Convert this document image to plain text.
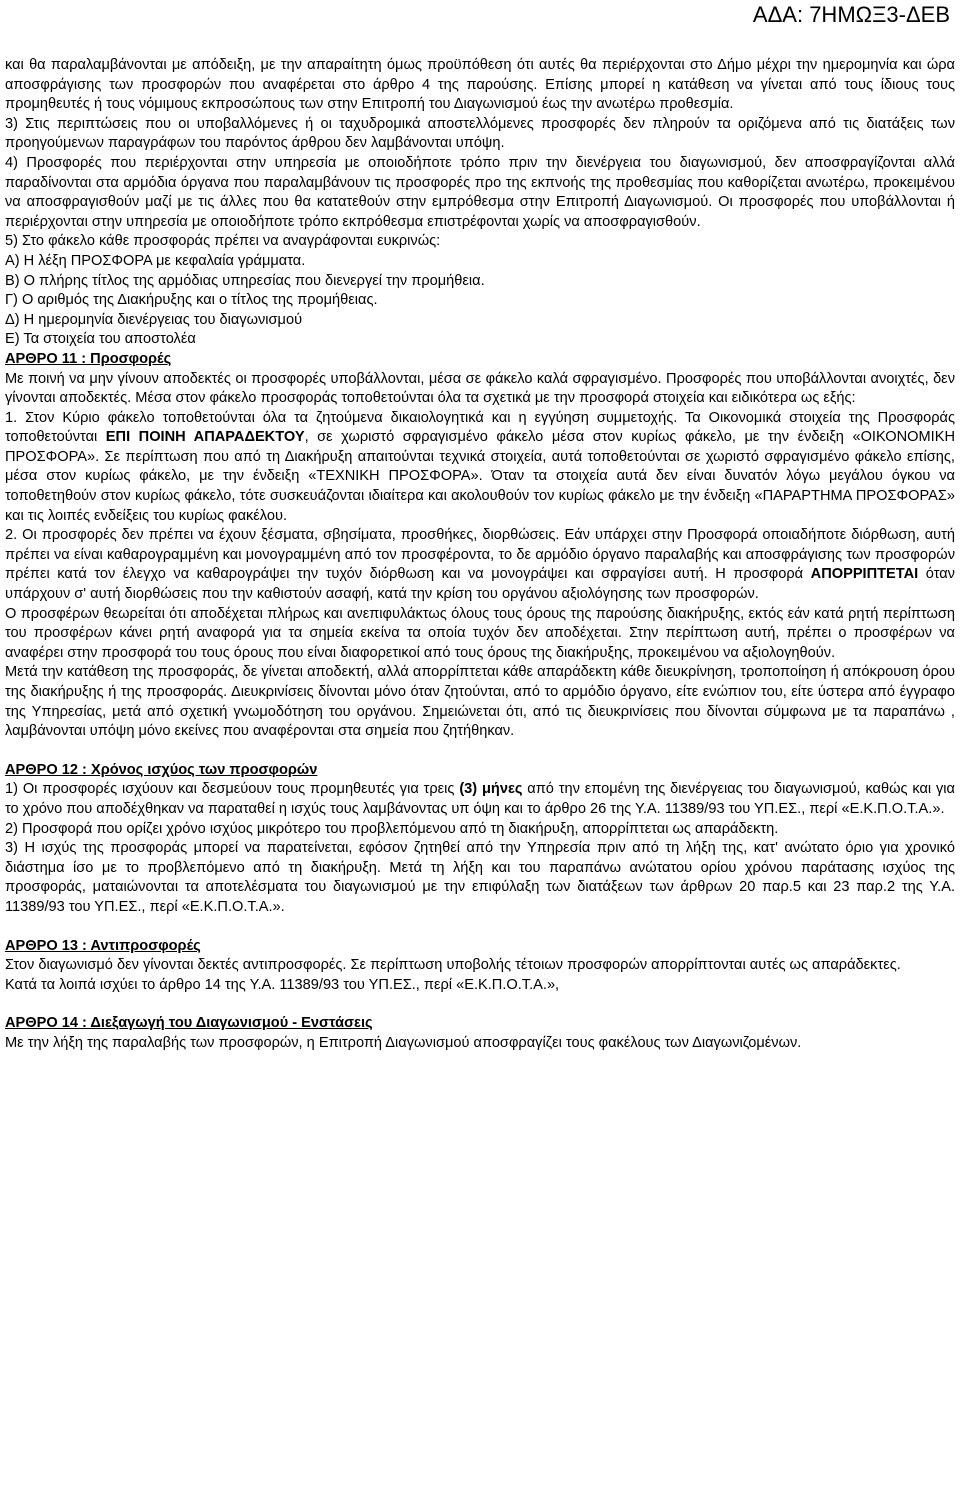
ΑΔΑ: 7ΗΜΩΞ3-ΔΕΒ

και θα παραλαμβάνονται με απόδειξη, με την απαραίτητη όμως προϋπόθεση ότι αυτές θα περιέρχονται στο Δήμο μέχρι την ημερομηνία και ώρα αποσφράγισης των προσφορών που αναφέρεται στο άρθρο 4 της παρούσης. Επίσης μπορεί η κατάθεση να γίνεται από τους ίδιους τους προμηθευτές ή τους νόμιμους εκπροσώπους των στην Επιτροπή του Διαγωνισμού έως την ανωτέρω προθεσμία.

3) Στις περιπτώσεις που οι υποβαλλόμενες ή οι ταχυδρομικά αποστελλόμενες προσφορές δεν πληρούν τα οριζόμενα από τις διατάξεις των προηγούμενων παραγράφων του παρόντος άρθρου δεν λαμβάνονται υπόψη.

4) Προσφορές που περιέρχονται στην υπηρεσία με οποιοδήποτε τρόπο πριν την διενέργεια του διαγωνισμού, δεν αποσφραγίζονται αλλά παραδίνονται στα αρμόδια όργανα που παραλαμβάνουν τις προσφορές προ της εκπνοής της προθεσμίας που καθορίζεται ανωτέρω, προκειμένου να αποσφραγισθούν μαζί με τις άλλες που θα κατατεθούν στην εμπρόθεσμα στην Επιτροπή Διαγωνισμού. Οι προσφορές που υποβάλλονται ή περιέρχονται στην υπηρεσία με οποιοδήποτε τρόπο εκπρόθεσμα επιστρέφονται χωρίς να αποσφραγισθούν.

5) Στο φάκελο κάθε προσφοράς πρέπει να αναγράφονται ευκρινώς:

Α) Η λέξη ΠΡΟΣΦΟΡΑ με κεφαλαία γράμματα.

Β) Ο πλήρης τίτλος της αρμόδιας υπηρεσίας που διενεργεί την προμήθεια.

Γ) Ο αριθμός της Διακήρυξης και ο τίτλος της προμήθειας.

Δ) Η ημερομηνία διενέργειας του διαγωνισμού

Ε) Τα στοιχεία του αποστολέα

ΑΡΘΡΟ 11 : Προσφορές

Με ποινή να μην γίνουν αποδεκτές οι προσφορές υποβάλλονται, μέσα σε φάκελο καλά σφραγισμένο. Προσφορές που υποβάλλονται ανοιχτές, δεν γίνονται αποδεκτές. Μέσα στον φάκελο προσφοράς τοποθετούνται όλα τα σχετικά με την προσφορά στοιχεία και ειδικότερα ως εξής:

1. Στον Κύριο φάκελο τοποθετούνται όλα τα ζητούμενα δικαιολογητικά και η εγγύηση συμμετοχής. Τα Οικονομικά στοιχεία της Προσφοράς τοποθετούνται ΕΠΙ ΠΟΙΝΗ ΑΠΑΡΑΔΕΚΤΟΥ, σε χωριστό σφραγισμένο φάκελο μέσα στον κυρίως φάκελο, με την ένδειξη «ΟΙΚΟΝΟΜΙΚΗ ΠΡΟΣΦΟΡΑ». Σε περίπτωση που από τη Διακήρυξη απαιτούνται τεχνικά στοιχεία, αυτά τοποθετούνται σε χωριστό σφραγισμένο φάκελο επίσης, μέσα στον κυρίως φάκελο, με την ένδειξη «ΤΕΧΝΙΚΗ ΠΡΟΣΦΟΡΑ». Όταν τα στοιχεία αυτά δεν είναι δυνατόν λόγω μεγάλου όγκου να τοποθετηθούν στον κυρίως φάκελο, τότε συσκευάζονται ιδιαίτερα και ακολουθούν τον κυρίως φάκελο με την ένδειξη «ΠΑΡΑΡΤΗΜΑ ΠΡΟΣΦΟΡΑΣ» και τις λοιπές ενδείξεις του κυρίως φακέλου.

2. Οι προσφορές δεν πρέπει να έχουν ξέσματα, σβησίματα, προσθήκες, διορθώσεις. Εάν υπάρχει στην Προσφορά οποιαδήποτε διόρθωση, αυτή πρέπει να είναι καθαρογραμμένη και μονογραμμένη από τον προσφέροντα, το δε αρμόδιο όργανο παραλαβής και αποσφράγισης των προσφορών πρέπει κατά τον έλεγχο να καθαρογράψει την τυχόν διόρθωση και να μονογράψει και σφραγίσει αυτή. Η προσφορά ΑΠΟΡΡΙΠΤΕΤΑΙ όταν υπάρχουν σ' αυτή διορθώσεις που την καθιστούν ασαφή, κατά την κρίση του οργάνου αξιολόγησης των προσφορών.

Ο προσφέρων θεωρείται ότι αποδέχεται πλήρως και ανεπιφυλάκτως όλους τους όρους της παρούσης διακήρυξης, εκτός εάν κατά ρητή περίπτωση του προσφέρων κάνει ρητή αναφορά για τα σημεία εκείνα τα οποία τυχόν δεν αποδέχεται. Στην περίπτωση αυτή, πρέπει ο προσφέρων να αναφέρει στην προσφορά του τους όρους που είναι διαφορετικοί από τους όρους της διακήρυξης, προκειμένου να αξιολογηθούν.

Μετά την κατάθεση της προσφοράς, δε γίνεται αποδεκτή, αλλά απορρίπτεται κάθε απαράδεκτη κάθε διευκρίνηση, τροποποίηση ή απόκρουση όρου της διακήρυξης ή της προσφοράς. Διευκρινίσεις δίνονται μόνο όταν ζητούνται, από το αρμόδιο όργανο, είτε ενώπιον του, είτε ύστερα από έγγραφο της Υπηρεσίας, μετά από σχετική γνωμοδότηση του οργάνου. Σημειώνεται ότι, από τις διευκρινίσεις που δίνονται σύμφωνα με τα παραπάνω , λαμβάνονται υπόψη μόνο εκείνες που αναφέρονται στα σημεία που ζητήθηκαν.

ΑΡΘΡΟ 12 : Χρόνος ισχύος των προσφορών

1) Οι προσφορές ισχύουν και δεσμεύουν τους προμηθευτές για τρεις (3) μήνες από την επομένη της διενέργειας του διαγωνισμού, καθώς και για το χρόνο που αποδέχθηκαν να παραταθεί η ισχύς τους λαμβάνοντας υπ όψη και το άρθρο 26 της Υ.Α. 11389/93 του ΥΠ.ΕΣ., περί «Ε.Κ.Π.Ο.Τ.Α.».

2) Προσφορά που ορίζει χρόνο ισχύος μικρότερο του προβλεπόμενου από τη διακήρυξη, απορρίπτεται ως απαράδεκτη.

3) Η ισχύς της προσφοράς μπορεί να παρατείνεται, εφόσον ζητηθεί από την Υπηρεσία πριν από τη λήξη της, κατ' ανώτατο όριο για χρονικό διάστημα ίσο με το προβλεπόμενο από τη διακήρυξη. Μετά τη λήξη και του παραπάνω ανώτατου ορίου χρόνου παράτασης ισχύος της προσφοράς, ματαιώνονται τα αποτελέσματα του διαγωνισμού με την επιφύλαξη των διατάξεων των άρθρων 20 παρ.5 και 23 παρ.2 της Υ.Α. 11389/93 του ΥΠ.ΕΣ., περί «Ε.Κ.Π.Ο.Τ.Α.».

ΑΡΘΡΟ 13 : Αντιπροσφορές

Στον διαγωνισμό δεν γίνονται δεκτές αντιπροσφορές. Σε περίπτωση υποβολής τέτοιων προσφορών απορρίπτονται αυτές ως απαράδεκτες.

Κατά τα λοιπά ισχύει το άρθρο 14 της Υ.Α. 11389/93 του ΥΠ.ΕΣ., περί «Ε.Κ.Π.Ο.Τ.Α.»,

ΑΡΘΡΟ 14 : Διεξαγωγή του Διαγωνισμού - Ενστάσεις

Με την λήξη της παραλαβής των προσφορών, η Επιτροπή Διαγωνισμού αποσφραγίζει τους φακέλους των Διαγωνιζομένων.
